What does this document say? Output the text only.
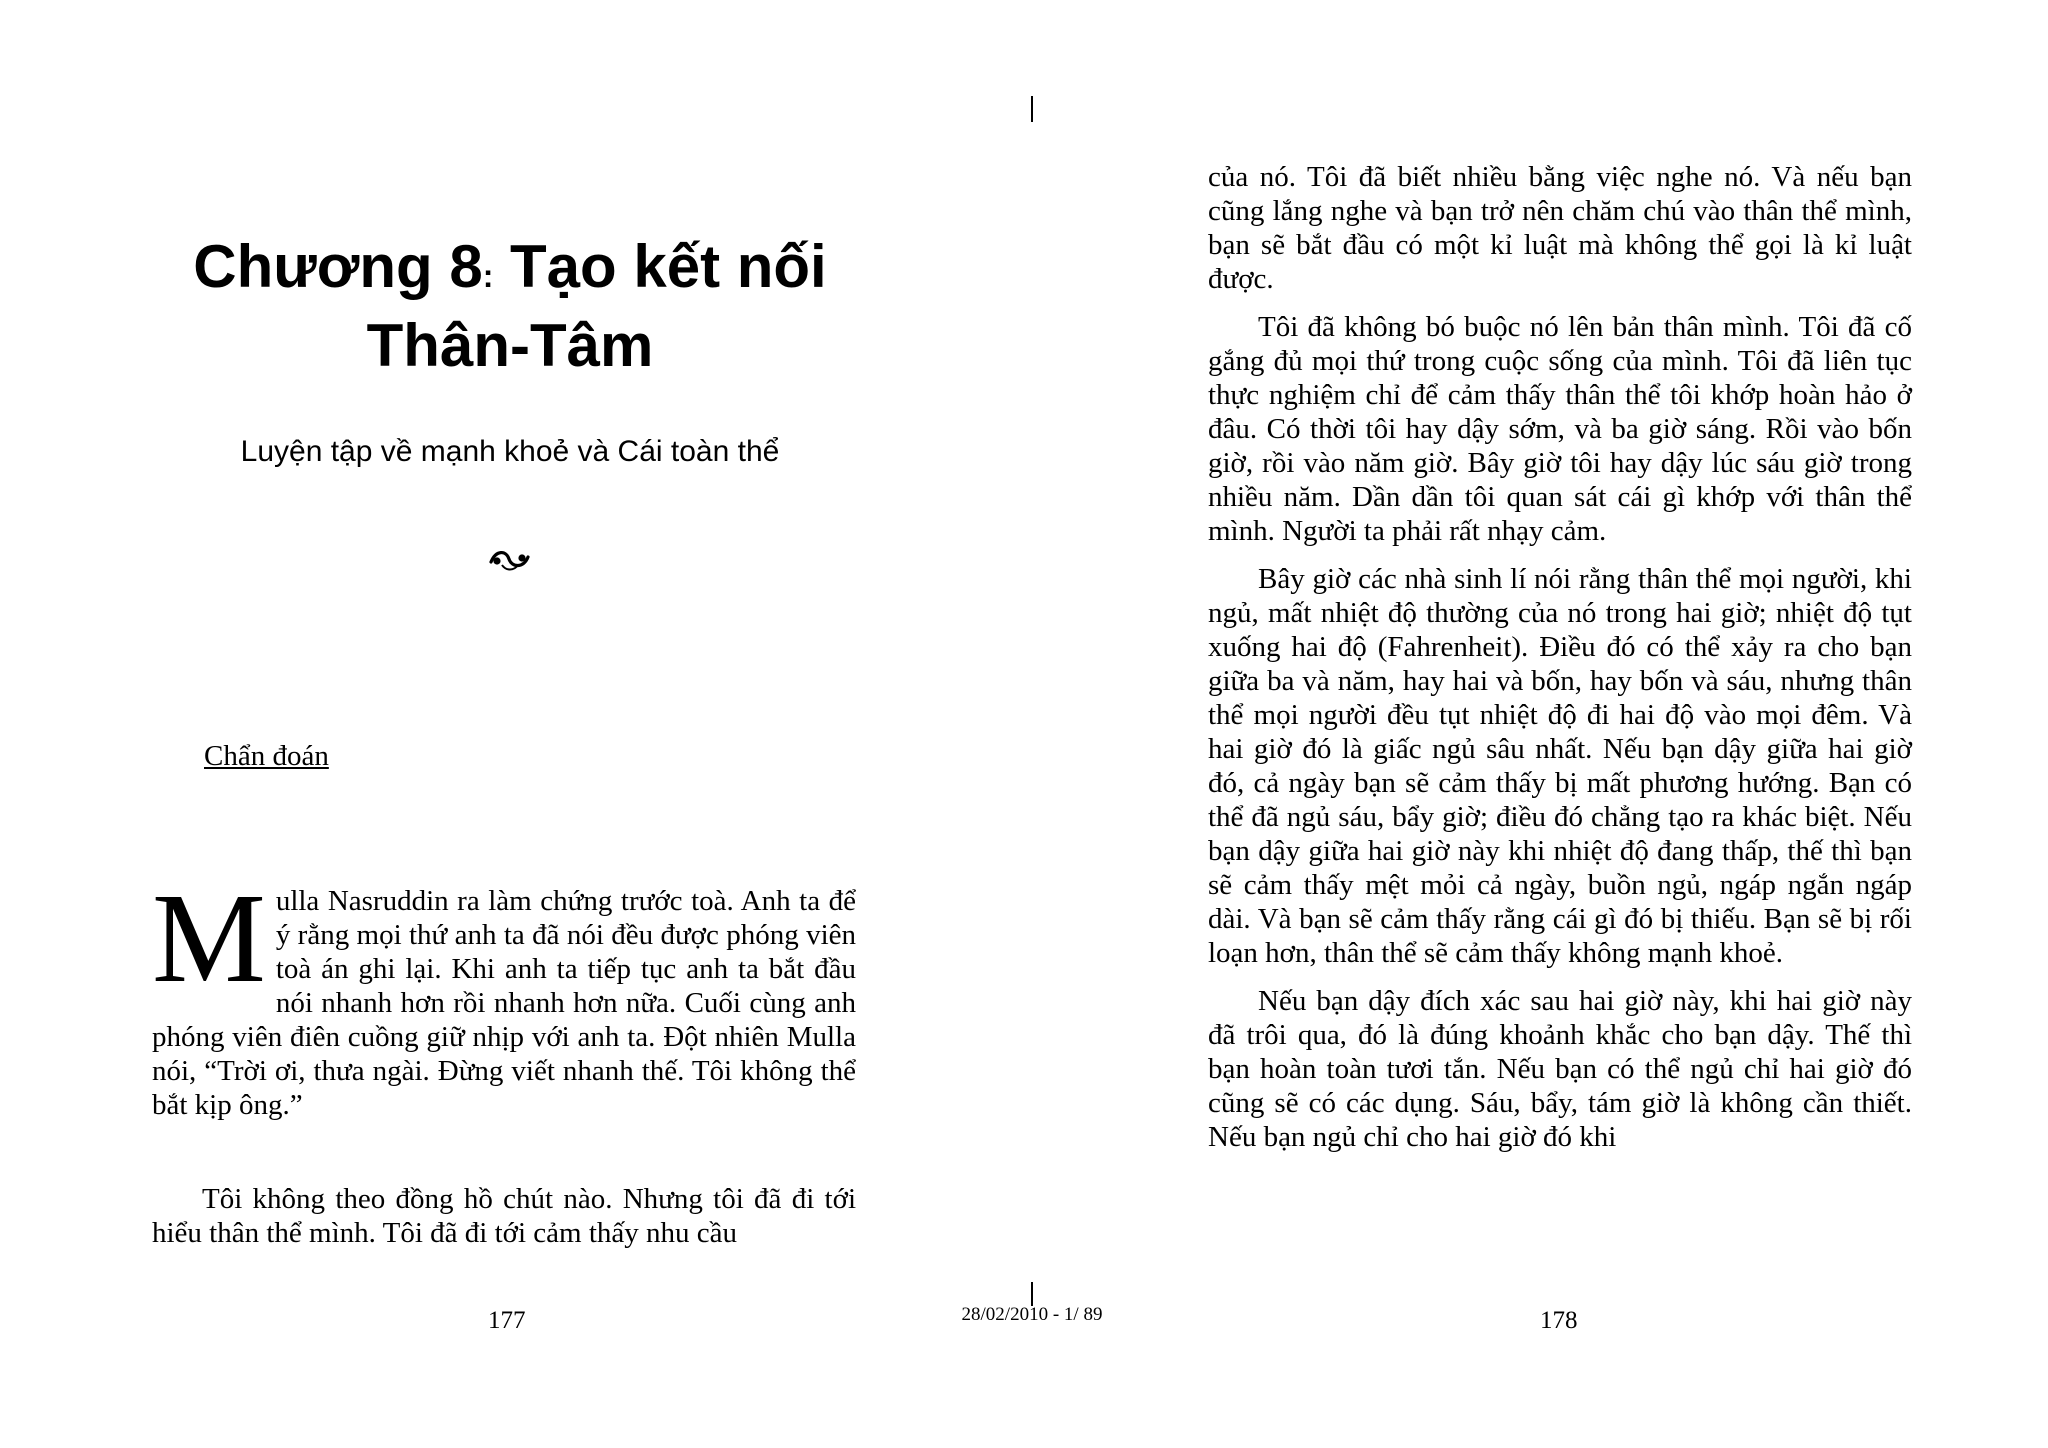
Chương 8: Tạo kết nối
Thân-Tâm

Luyện tập về mạnh khoẻ và Cái toàn thể

Chẩn đoán

Mulla Nasruddin ra làm chứng trước toà. Anh ta để ý rằng mọi thứ anh ta đã nói đều được phóng viên toà án ghi lại. Khi anh ta tiếp tục anh ta bắt đầu nói nhanh hơn rồi nhanh hơn nữa. Cuối cùng anh phóng viên điên cuồng giữ nhịp với anh ta. Đột nhiên Mulla nói, “Trời ơi, thưa ngài. Đừng viết nhanh thế. Tôi không thể bắt kịp ông.”

Tôi không theo đồng hồ chút nào. Nhưng tôi đã đi tới hiểu thân thể mình. Tôi đã đi tới cảm thấy nhu cầu

177

của nó. Tôi đã biết nhiều bằng việc nghe nó. Và nếu bạn cũng lắng nghe và bạn trở nên chăm chú vào thân thể mình, bạn sẽ bắt đầu có một kỉ luật mà không thể gọi là kỉ luật được.

Tôi đã không bó buộc nó lên bản thân mình. Tôi đã cố gắng đủ mọi thứ trong cuộc sống của mình. Tôi đã liên tục thực nghiệm chỉ để cảm thấy thân thể tôi khớp hoàn hảo ở đâu. Có thời tôi hay dậy sớm, và ba giờ sáng. Rồi vào bốn giờ, rồi vào năm giờ. Bây giờ tôi hay dậy lúc sáu giờ trong nhiều năm. Dần dần tôi quan sát cái gì khớp với thân thể mình. Người ta phải rất nhạy cảm.

Bây giờ các nhà sinh lí nói rằng thân thể mọi người, khi ngủ, mất nhiệt độ thường của nó trong hai giờ; nhiệt độ tụt xuống hai độ (Fahrenheit). Điều đó có thể xảy ra cho bạn giữa ba và năm, hay hai và bốn, hay bốn và sáu, nhưng thân thể mọi người đều tụt nhiệt độ đi hai độ vào mọi đêm. Và hai giờ đó là giấc ngủ sâu nhất. Nếu bạn dậy giữa hai giờ đó, cả ngày bạn sẽ cảm thấy bị mất phương hướng. Bạn có thể đã ngủ sáu, bẩy giờ; điều đó chẳng tạo ra khác biệt. Nếu bạn dậy giữa hai giờ này khi nhiệt độ đang thấp, thế thì bạn sẽ cảm thấy mệt mỏi cả ngày, buồn ngủ, ngáp ngắn ngáp dài. Và bạn sẽ cảm thấy rằng cái gì đó bị thiếu. Bạn sẽ bị rối loạn hơn, thân thể sẽ cảm thấy không mạnh khoẻ.

Nếu bạn dậy đích xác sau hai giờ này, khi hai giờ này đã trôi qua, đó là đúng khoảnh khắc cho bạn dậy. Thế thì bạn hoàn toàn tươi tắn. Nếu bạn có thể ngủ chỉ hai giờ đó cũng sẽ có các dụng. Sáu, bẩy, tám giờ là không cần thiết. Nếu bạn ngủ chỉ cho hai giờ đó khi

178

28/02/2010 - 1/ 89
